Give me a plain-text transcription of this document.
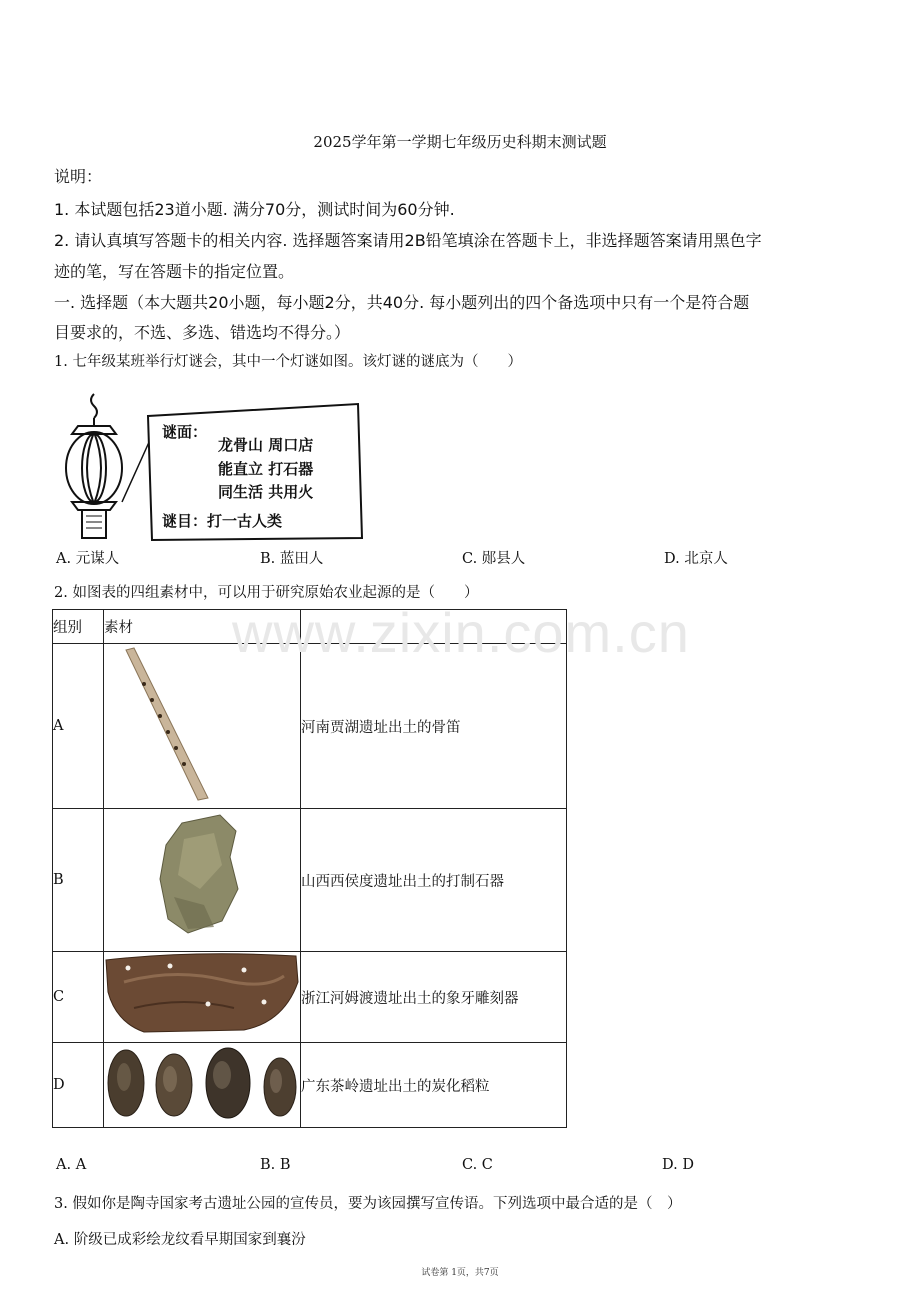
2025学年第一学期七年级历史科期末测试题
说明：
1. 本试题包括23道小题. 满分70分，测试时间为60分钟.
2. 请认真填写答题卡的相关内容. 选择题答案请用2B铅笔填涂在答题卡上，非选择题答案请用黑色字
迹的笔，写在答题卡的指定位置。
一. 选择题（本大题共20小题，每小题2分，共40分. 每小题列出的四个备选项中只有一个是符合题
目要求的，不选、多选、错选均不得分。）
1. 七年级某班举行灯谜会，其中一个灯谜如图。该灯谜的谜底为（　　）
谜面：
龙骨山 周口店
能直立 打石器
同生活 共用火
谜目：打一古人类
A. 元谋人	B. 蓝田人	C. 郧县人	D. 北京人
2. 如图表的四组素材中，可以用于研究原始农业起源的是（　　）
组别	素材	
A		河南贾湖遗址出土的骨笛
B		山西西侯度遗址出土的打制石器
C		浙江河姆渡遗址出土的象牙雕刻器
D		广东茶岭遗址出土的炭化稻粒
www.zixin.com.cn
A. A	B. B	C. C	D. D
3. 假如你是陶寺国家考古遗址公园的宣传员，要为该园撰写宣传语。下列选项中最合适的是（　）
A. 阶级已成彩绘龙纹看早期国家到襄汾
试卷第 1页，共7页
